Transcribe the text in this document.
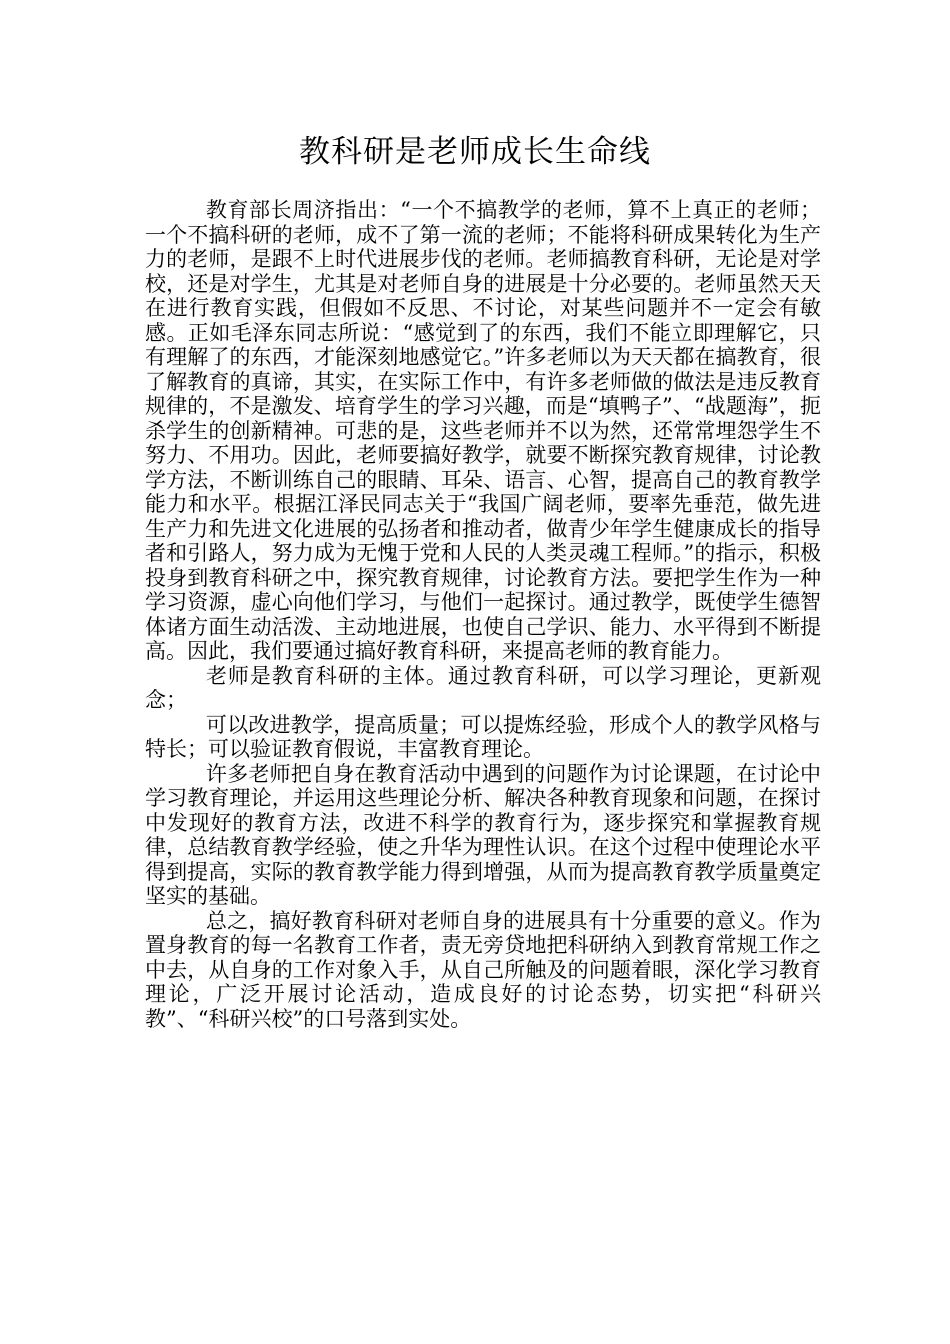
教科研是老师成长生命线

教育部长周济指出：“一个不搞教学的老师，算不上真正的老师；一个不搞科研的老师，成不了第一流的老师；不能将科研成果转化为生产力的老师，是跟不上时代进展步伐的老师。老师搞教育科研，无论是对学校，还是对学生，尤其是对老师自身的进展是十分必要的。老师虽然天天在进行教育实践，但假如不反思、不讨论，对某些问题并不一定会有敏感。正如毛泽东同志所说：“感觉到了的东西，我们不能立即理解它，只有理解了的东西，才能深刻地感觉它。”许多老师以为天天都在搞教育，很了解教育的真谛，其实，在实际工作中，有许多老师做的做法是违反教育规律的，不是激发、培育学生的学习兴趣，而是“填鸭子”、“战题海”，扼杀学生的创新精神。可悲的是，这些老师并不以为然，还常常埋怨学生不努力、不用功。因此，老师要搞好教学，就要不断探究教育规律，讨论教学方法，不断训练自己的眼睛、耳朵、语言、心智，提高自己的教育教学能力和水平。根据江泽民同志关于“我国广阔老师，要率先垂范，做先进生产力和先进文化进展的弘扬者和推动者，做青少年学生健康成长的指导者和引路人，努力成为无愧于党和人民的人类灵魂工程师。”的指示，积极投身到教育科研之中，探究教育规律，讨论教育方法。要把学生作为一种学习资源，虚心向他们学习，与他们一起探讨。通过教学，既使学生德智体诸方面生动活泼、主动地进展，也使自己学识、能力、水平得到不断提高。因此，我们要通过搞好教育科研，来提高老师的教育能力。

老师是教育科研的主体。通过教育科研，可以学习理论，更新观念；

可以改进教学，提高质量；可以提炼经验，形成个人的教学风格与特长；可以验证教育假说，丰富教育理论。

许多老师把自身在教育活动中遇到的问题作为讨论课题，在讨论中学习教育理论，并运用这些理论分析、解决各种教育现象和问题，在探讨中发现好的教育方法，改进不科学的教育行为，逐步探究和掌握教育规律，总结教育教学经验，使之升华为理性认识。在这个过程中使理论水平得到提高，实际的教育教学能力得到增强，从而为提高教育教学质量奠定坚实的基础。

总之，搞好教育科研对老师自身的进展具有十分重要的意义。作为置身教育的每一名教育工作者，责无旁贷地把科研纳入到教育常规工作之中去，从自身的工作对象入手，从自己所触及的问题着眼，深化学习教育理论，广泛开展讨论活动，造成良好的讨论态势，切实把“科研兴教”、“科研兴校”的口号落到实处。
